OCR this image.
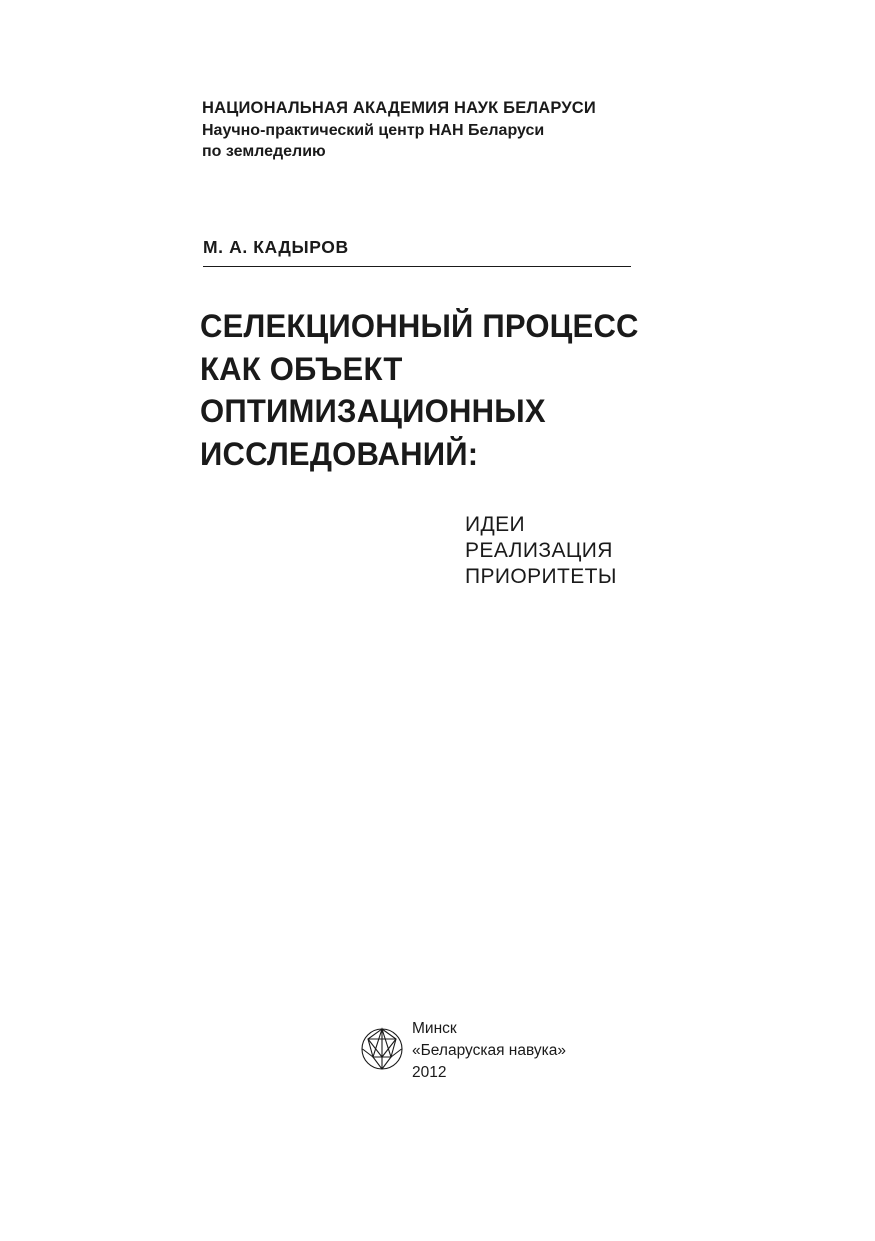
НАЦИОНАЛЬНАЯ АКАДЕМИЯ НАУК БЕЛАРУСИ
Научно-практический центр НАН Беларуси
по земледелию
М. А. КАДЫРОВ
СЕЛЕКЦИОННЫЙ ПРОЦЕСС
КАК ОБЪЕКТ
ОПТИМИЗАЦИОННЫХ
ИССЛЕДОВАНИЙ:
ИДЕИ
РЕАЛИЗАЦИЯ
ПРИОРИТЕТЫ
Минск
«Беларуская навука»
2012
